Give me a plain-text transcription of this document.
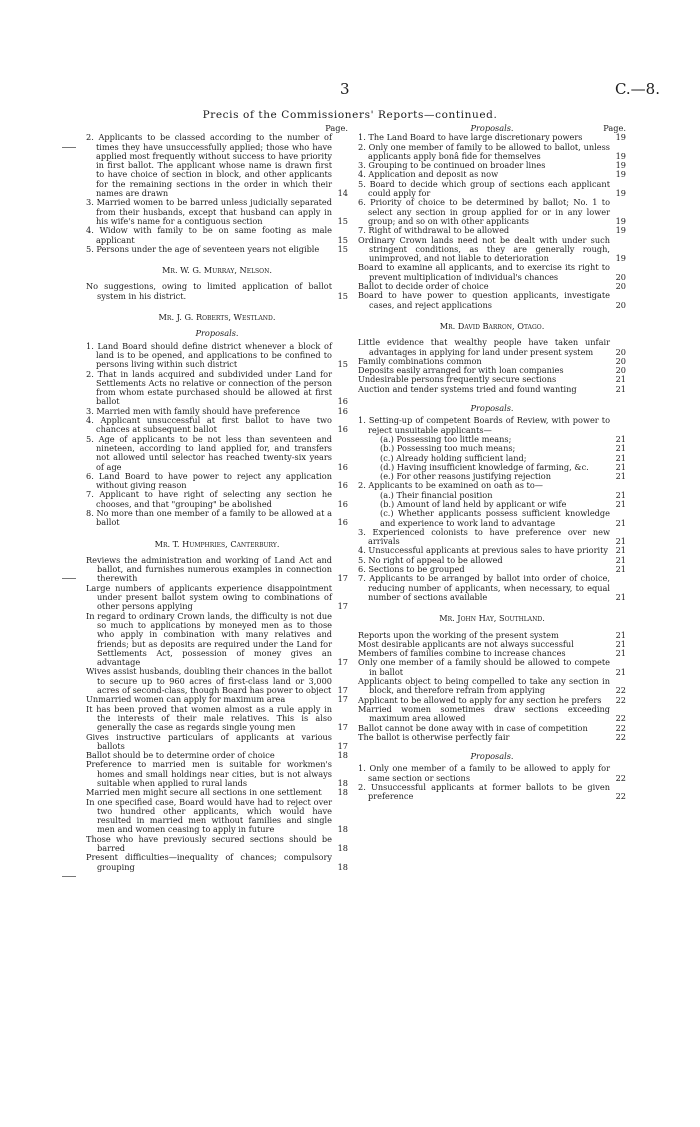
3	C.—8.
Precis of the Commissioners' Reports—continued.
Page.
2. Applicants to be classed according to the number of times they have unsuccessfully applied; those who have applied most frequently without success to have priority in first ballot. The applicant whose name is drawn first to have choice of section in block, and other applicants for the remaining sections in the order in which their names are drawn	14
3. Married women to be barred unless judicially separated from their husbands, except that husband can apply in his wife's name for a contiguous section	15
4. Widow with family to be on same footing as male applicant	15
5. Persons under the age of seventeen years not eligible	15
Mr. W. G. Murray, Nelson.
No suggestions, owing to limited application of ballot system in his district.	15
Mr. J. G. Roberts, Westland.
Proposals.
1. Land Board should define district whenever a block of land is to be opened, and applications to be confined to persons living within such district	15
2. That in lands acquired and subdivided under Land for Settlements Acts no relative or connection of the person from whom estate purchased should be allowed at first ballot	16
3. Married men with family should have preference	16
4. Applicant unsuccessful at first ballot to have two chances at subsequent ballot	16
5. Age of applicants to be not less than seventeen and nineteen, according to land applied for, and transfers not allowed until selector has reached twenty-six years of age	16
6. Land Board to have power to reject any application without giving reason	16
7. Applicant to have right of selecting any section he chooses, and that "grouping" be abolished	16
8. No more than one member of a family to be allowed at a ballot	16
Mr. T. Humphries, Canterbury.
Reviews the administration and working of Land Act and ballot, and furnishes numerous examples in connection therewith	17
Large numbers of applicants experience disappointment under present ballot system owing to combinations of other persons applying	17
In regard to ordinary Crown lands, the difficulty is not due so much to applications by moneyed men as to those who apply in combination with many relatives and friends; but as deposits are required under the Land for Settlements Act, possession of money gives an advantage	17
Wives assist husbands, doubling their chances in the ballot to secure up to 960 acres of first-class land or 3,000 acres of second-class, though Board has power to object 17
Unmarried women can apply for maximum area	17
It has been proved that women almost as a rule apply in the interests of their male relatives. This is also generally the case as regards single young men	17
Gives instructive particulars of applicants at various ballots	17
Ballot should be to determine order of choice	18
Preference to married men is suitable for workmen's homes and small holdings near cities, but is not always suitable when applied to rural lands	18
Married men might secure all sections in one settlement	18
In one specified case, Board would have had to reject over two hundred other applicants, which would have resulted in married men without families and single men and women ceasing to apply in future	18
Those who have previously secured sections should be barred	18
Present difficulties—inequality of chances; compulsory grouping	18
Proposals.	Page.
1. The Land Board to have large discretionary powers	19
2. Only one member of family to be allowed to ballot, unless applicants apply bonâ fide for themselves	19
3. Grouping to be continued on broader lines	19
4. Application and deposit as now	19
5. Board to decide which group of sections each applicant could apply for	19
6. Priority of choice to be determined by ballot; No. 1 to select any section in group applied for or in any lower group; and so on with other applicants	19
7. Right of withdrawal to be allowed	19
Ordinary Crown lands need not be dealt with under such stringent conditions, as they are generally rough, unimproved, and not liable to deterioration	19
Board to examine all applicants, and to exercise its right to prevent multiplication of individual's chances	20
Ballot to decide order of choice	20
Board to have power to question applicants, investigate cases, and reject applications	20
Mr. David Barron, Otago.
Little evidence that wealthy people have taken unfair advantages in applying for land under present system	20
Family combinations common	20
Deposits easily arranged for with loan companies	20
Undesirable persons frequently secure sections	21
Auction and tender systems tried and found wanting	21
Proposals.
1. Setting-up of competent Boards of Review, with power to reject unsuitable applicants—
(a.) Possessing too little means;	21
(b.) Possessing too much means;	21
(c.) Already holding sufficient land;	21
(d.) Having insufficient knowledge of farming, &c.	21
(e.) For other reasons justifying rejection	21
2. Applicants to be examined on oath as to—
(a.) Their financial position	21
(b.) Amount of land held by applicant or wife	21
(c.) Whether applicants possess sufficient knowledge and experience to work land to advantage	21
3. Experienced colonists to have preference over new arrivals	21
4. Unsuccessful applicants at previous sales to have priority 21
5. No right of appeal to be allowed	21
6. Sections to be grouped	21
7. Applicants to be arranged by ballot into order of choice, reducing number of applicants, when necessary, to equal number of sections available	21
Mr. John Hay, Southland.
Reports upon the working of the present system	21
Most desirable applicants are not always successful	21
Members of families combine to increase chances	21
Only one member of a family should be allowed to compete in ballot	21
Applicants object to being compelled to take any section in block, and therefore refrain from applying	22
Applicant to be allowed to apply for any section he prefers	22
Married women sometimes draw sections exceeding maximum area allowed	22
Ballot cannot be done away with in case of competition	22
The ballot is otherwise perfectly fair	22
Proposals.
1. Only one member of a family to be allowed to apply for same section or sections	22
2. Unsuccessful applicants at former ballots to be given preference	22
